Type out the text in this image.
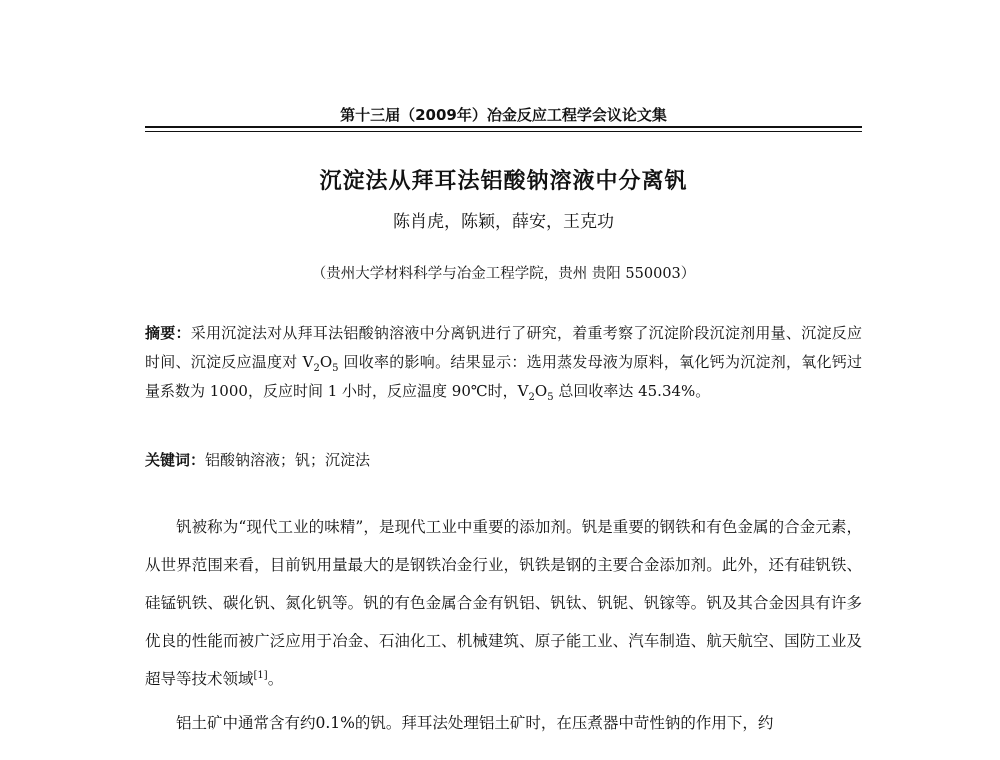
第十三届（2009年）冶金反应工程学会议论文集
沉淀法从拜耳法铝酸钠溶液中分离钒
陈肖虎，陈颖，薛安，王克功
（贵州大学材料科学与冶金工程学院，贵州 贵阳 550003）
摘要：采用沉淀法对从拜耳法铝酸钠溶液中分离钒进行了研究，着重考察了沉淀阶段沉淀剂用量、沉淀反应时间、沉淀反应温度对 $V_2O_5$ 回收率的影响。结果显示：选用蒸发母液为原料，氧化钙为沉淀剂，氧化钙过量系数为 1000，反应时间 1 小时，反应温度 90℃时，$V_2O_5$ 总回收率达 45.34%。
关键词：铝酸钠溶液；钒；沉淀法

钒被称为“现代工业的味精”，是现代工业中重要的添加剂。钒是重要的钢铁和有色金属的合金元素，从世界范围来看，目前钒用量最大的是钢铁冶金行业，钒铁是钢的主要合金添加剂。此外，还有硅钒铁、硅锰钒铁、碳化钒、氮化钒等。钒的有色金属合金有钒铝、钒钛、钒铌、钒镓等。钒及其合金因具有许多优良的性能而被广泛应用于冶金、石油化工、机械建筑、原子能工业、汽车制造、航天航空、国防工业及超导等技术领域[1]。

铝土矿中通常含有约0.1%的钒。拜耳法处理铝土矿时，在压煮器中苛性钠的作用下，约
